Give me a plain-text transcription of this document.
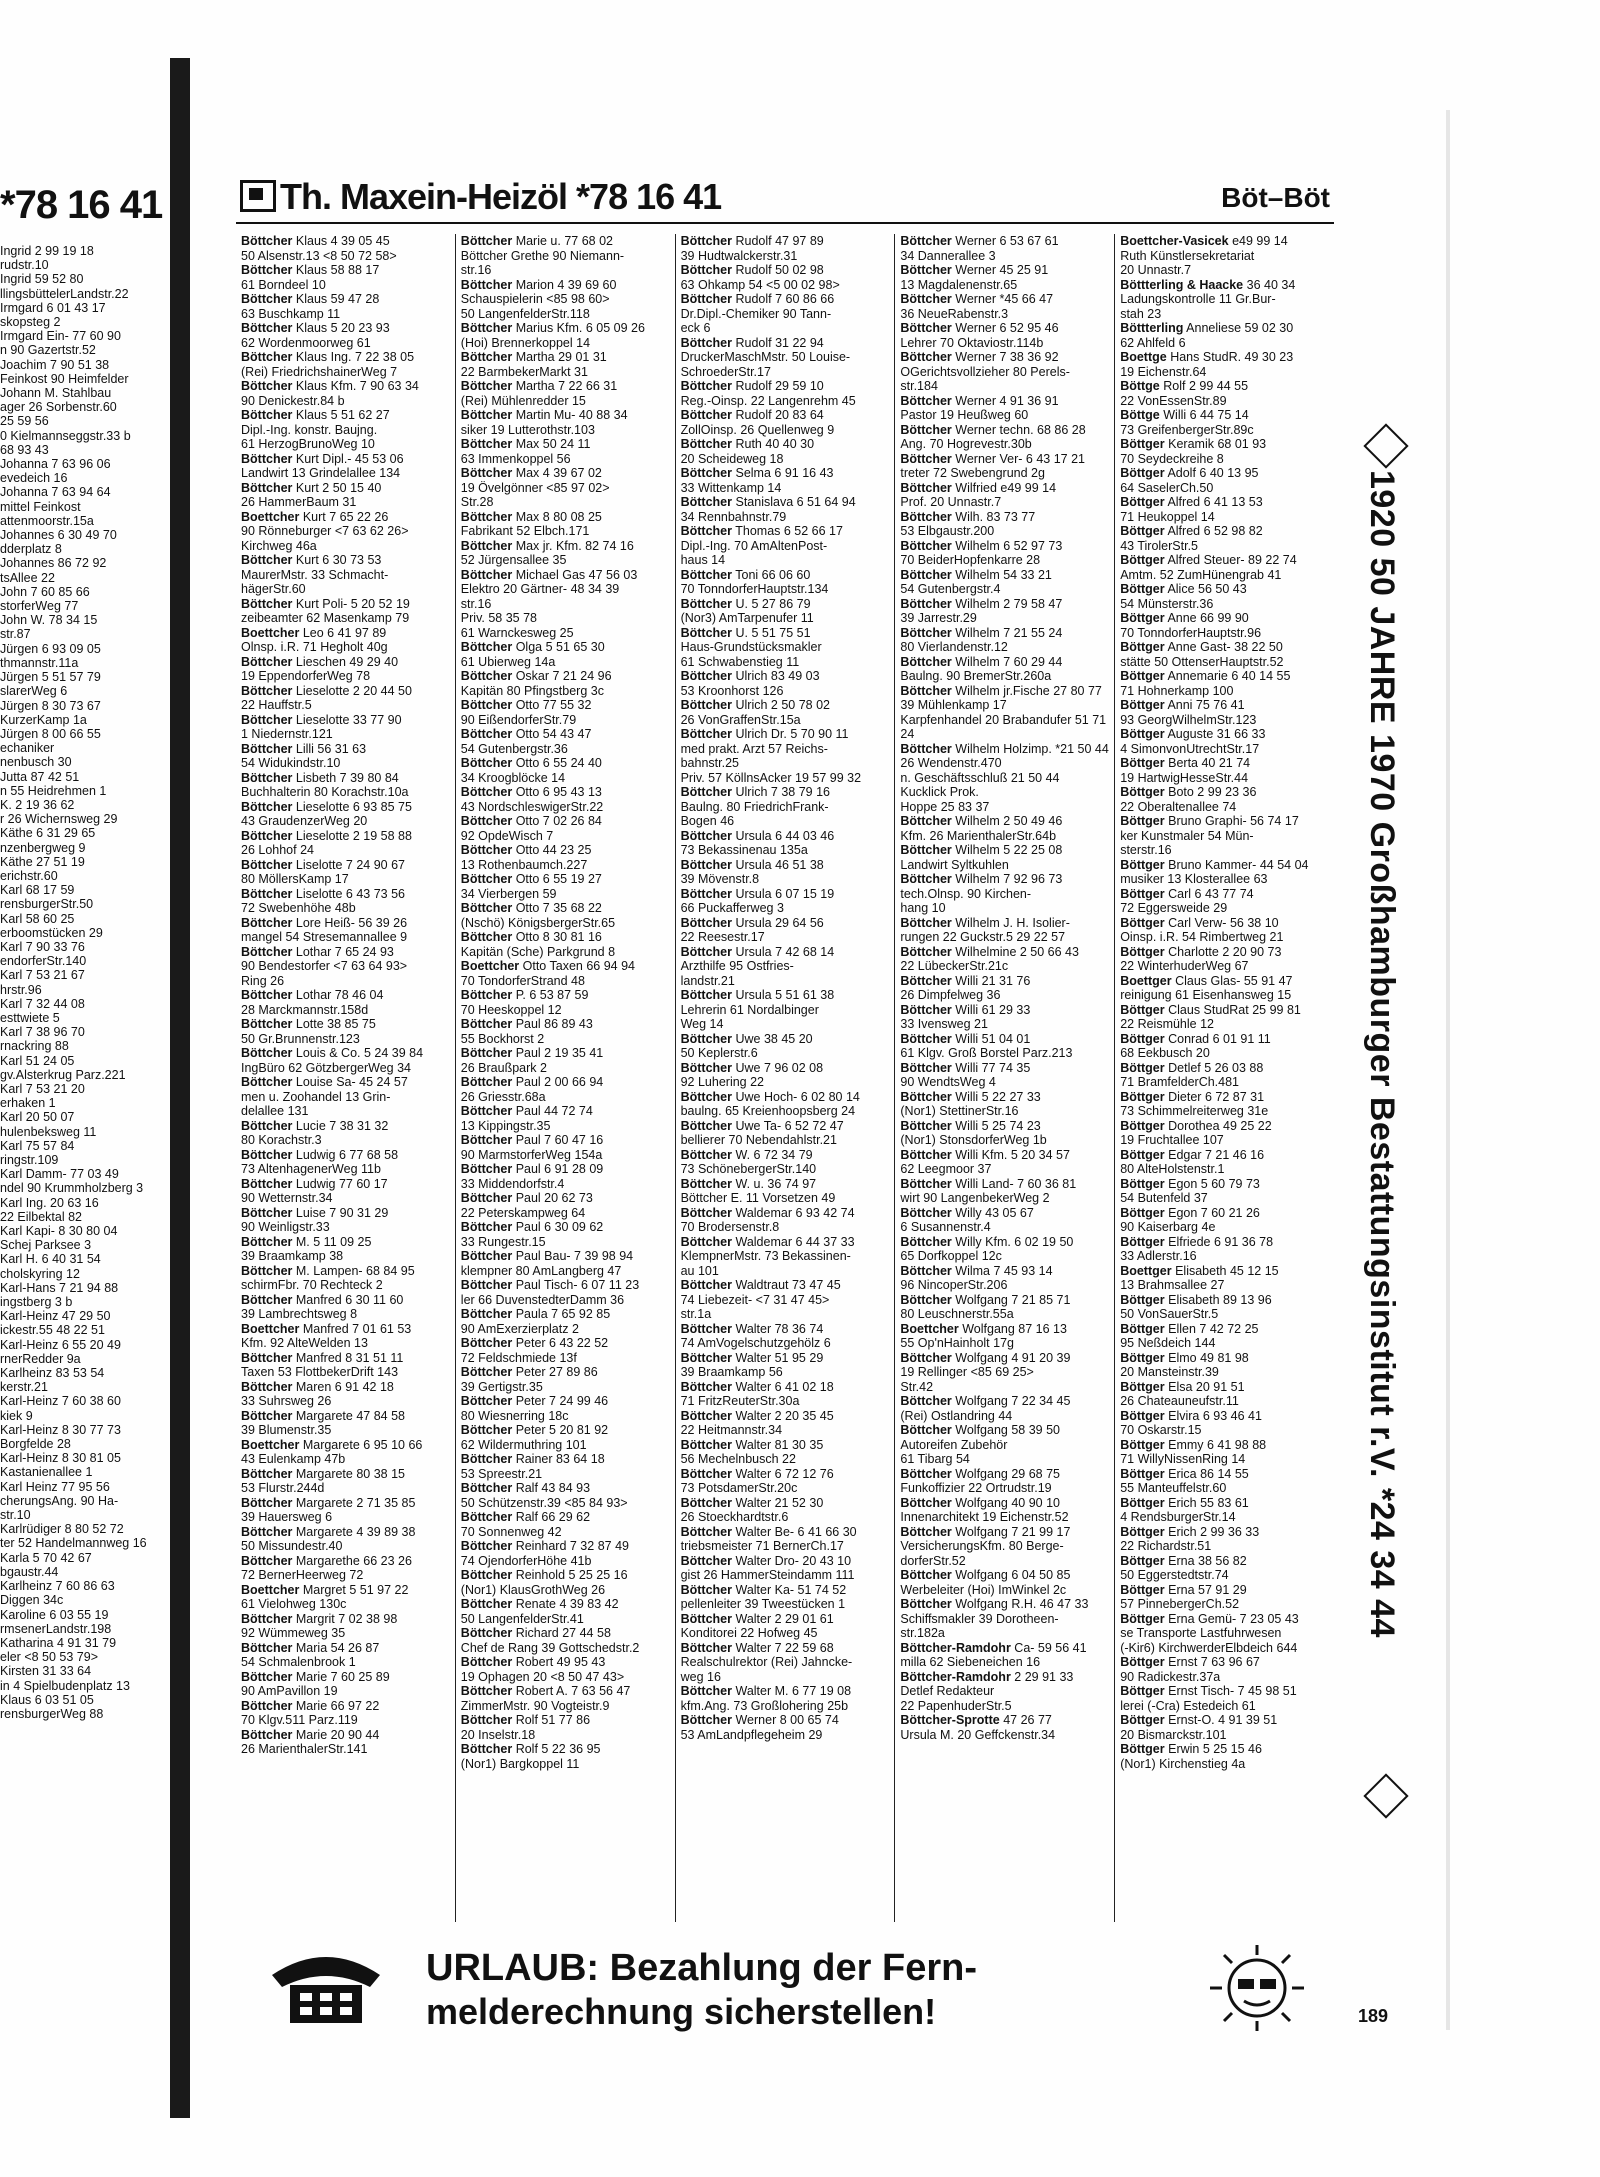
*78 16 41
Ingrid 2 99 19 18
rudstr.10
Ingrid 59 52 80
llingsbüttelerLandstr.22
Irmgard 6 01 43 17
skopsteg 2
Irmgard Ein- 77 60 90
n 90 Gazertstr.52
Joachim 7 90 51 38
Feinkost 90 Heimfelder
Johann M. Stahlbau
ager 26 Sorbenstr.60
25 59 56
0 Kielmannseggstr.33 b
68 93 43
Johanna 7 63 96 06
evedeich 16
Johanna 7 63 94 64
mittel Feinkost
attenmoorstr.15a
Johannes 6 30 49 70
dderplatz 8
Johannes 86 72 92
tsAllee 22
John 7 60 85 66
storferWeg 77
John W. 78 34 15
str.87
Jürgen 6 93 09 05
thmannstr.11a
Jürgen 5 51 57 79
slarerWeg 6
Jürgen 8 30 73 67
KurzerKamp 1a
Jürgen 8 00 66 55
echaniker
nenbusch 30
Jutta 87 42 51
n 55 Heidrehmen 1
K. 2 19 36 62
r 26 Wichernsweg 29
Käthe 6 31 29 65
nzenbergweg 9
Käthe 27 51 19
erichstr.60
Karl 68 17 59
rensburgerStr.50
Karl 58 60 25
erboomstücken 29
Karl 7 90 33 76
endorferStr.140
Karl 7 53 21 67
hrstr.96
Karl 7 32 44 08
esttwiete 5
Karl 7 38 96 70
rnackring 88
Karl 51 24 05
gv.Alsterkrug Parz.221
Karl 7 53 21 20
erhaken 1
Karl 20 50 07
hulenbeksweg 11
Karl 75 57 84
ringstr.109
Karl Damm- 77 03 49
ndel 90 Krummholzberg 3
Karl Ing. 20 63 16
22 Eilbektal 82
Karl Kapi- 8 30 80 04
Schej Parksee 3
Karl H. 6 40 31 54
cholskyring 12
Karl-Hans 7 21 94 88
ingstberg 3 b
Karl-Heinz 47 29 50
ickestr.55 48 22 51
Karl-Heinz 6 55 20 49
rnerRedder 9a
Karlheinz 83 53 54
kerstr.21
Karl-Heinz 7 60 38 60
kiek 9
Karl-Heinz 8 30 77 73
Borgfelde 28
Karl-Heinz 8 30 81 05
Kastanienallee 1
Karl Heinz 77 95 56
cherungsAng. 90 Ha-
str.10
Karlrüdiger 8 80 52 72
ter 52 Handelmannweg 16
Karla 5 70 42 67
bgaustr.44
Karlheinz 7 60 86 63
Diggen 34c
Karoline 6 03 55 19
rmsenerLandstr.198
Katharina 4 91 31 79
eler <8 50 53 79>
Kirsten 31 33 64
in 4 Spielbudenplatz 13
Klaus 6 03 51 05
rensburgerWeg 88
Th. Maxein-Heizöl *78 16 41	Böt–Böt
Böttcher Klaus 4 39 05 45
50 Alsenstr.13 <8 50 72 58>
Böttcher Klaus 58 88 17
61 Borndeel 10
Böttcher Klaus 59 47 28
63 Buschkamp 11
Böttcher Klaus 5 20 23 93
62 Wordenmoorweg 61
Böttcher Klaus Ing. 7 22 38 05
(Rei) FriedrichshainerWeg 7
Böttcher Klaus Kfm. 7 90 63 34
90 Denickestr.84 b
Böttcher Klaus 5 51 62 27
Dipl.-Ing. konstr. Baujng.
61 HerzogBrunoWeg 10
Böttcher Kurt Dipl.- 45 53 06
Landwirt 13 Grindelallee 134
Böttcher Kurt 2 50 15 40
26 HammerBaum 31
Boettcher Kurt 7 65 22 26
90 Rönneburger <7 63 62 26>
Kirchweg 46a
Böttcher Kurt 6 30 73 53
MaurerMstr. 33 Schmacht-
hägerStr.60
Böttcher Kurt Poli- 5 20 52 19
zeibeamter 62 Masenkamp 79
Boettcher Leo 6 41 97 89
Olnsp. i.R. 71 Hegholt 40g
Böttcher Lieschen 49 29 40
19 EppendorferWeg 78
Böttcher Lieselotte 2 20 44 50
22 Hauffstr.5
Böttcher Lieselotte 33 77 90
1 Niedernstr.121
Böttcher Lilli 56 31 63
54 Widukindstr.10
Böttcher Lisbeth 7 39 80 84
Buchhalterin 80 Korachstr.10a
Böttcher Lieselotte 6 93 85 75
43 GraudenzerWeg 20
Böttcher Lieselotte 2 19 58 88
26 Lohhof 24
Böttcher Liselotte 7 24 90 67
80 MöllersKamp 17
Böttcher Liselotte 6 43 73 56
72 Swebenhöhe 48b
Böttcher Lore Heiß- 56 39 26
mangel 54 Stresemannallee 9
Böttcher Lothar 7 65 24 93
90 Bendestorfer <7 63 64 93>
Ring 26
Böttcher Lothar 78 46 04
28 Marckmannstr.158d
Böttcher Lotte 38 85 75
50 Gr.Brunnenstr.123
Böttcher Louis & Co. 5 24 39 84
IngBüro 62 GötzbergerWeg 34
Böttcher Louise Sa- 45 24 57
men u. Zoohandel 13 Grin-
delallee 131
Böttcher Lucie 7 38 31 32
80 Korachstr.3
Böttcher Ludwig 6 77 68 58
73 AltenhagenerWeg 11b
Böttcher Ludwig 77 60 17
90 Wetternstr.34
Böttcher Luise 7 90 31 29
90 Weinligstr.33
Böttcher M. 5 11 09 25
39 Braamkamp 38
Böttcher M. Lampen- 68 84 95
schirmFbr. 70 Rechteck 2
Böttcher Manfred 6 30 11 60
39 Lambrechtsweg 8
Boettcher Manfred 7 01 61 53
Kfm. 92 AlteWelden 13
Böttcher Manfred 8 31 51 11
Taxen 53 FlottbekerDrift 143
Böttcher Maren 6 91 42 18
33 Suhrsweg 26
Böttcher Margarete 47 84 58
39 Blumenstr.35
Boettcher Margarete 6 95 10 66
43 Eulenkamp 47b
Böttcher Margarete 80 38 15
53 Flurstr.244d
Böttcher Margarete 2 71 35 85
39 Hauersweg 6
Böttcher Margarete 4 39 89 38
50 Missundestr.40
Böttcher Margarethe 66 23 26
72 BernerHeerweg 72
Boettcher Margret 5 51 97 22
61 Vielohweg 130c
Böttcher Margrit 7 02 38 98
92 Wümmeweg 35
Böttcher Maria 54 26 87
54 Schmalenbrook 1
Böttcher Marie 7 60 25 89
90 AmPavillon 19
Böttcher Marie 66 97 22
70 Klgv.511 Parz.119
Böttcher Marie 20 90 44
26 MarienthalerStr.141
Böttcher Marie u. 77 68 02
Böttcher Grethe 90 Niemann-
str.16
Böttcher Marion 4 39 69 60
Schauspielerin <85 98 60>
50 LangenfelderStr.118
Böttcher Marius Kfm. 6 05 09 26
(Hoi) Brennerkoppel 14
Böttcher Martha 29 01 31
22 BarmbekerMarkt 31
Böttcher Martha 7 22 66 31
(Rei) Mühlenredder 15
Böttcher Martin Mu- 40 88 34
siker 19 Lutterothstr.103
Böttcher Max 50 24 11
63 Immenkoppel 56
Böttcher Max 4 39 67 02
19 Övelgönner <85 97 02>
Str.28
Böttcher Max 8 80 08 25
Fabrikant 52 Elbch.171
Böttcher Max jr. Kfm. 82 74 16
52 Jürgensallee 35
Böttcher Michael Gas 47 56 03
Elektro 20 Gärtner- 48 34 39
str.16
Priv. 58 35 78
61 Warnckesweg 25
Böttcher Olga 5 51 65 30
61 Ubierweg 14a
Böttcher Oskar 7 21 24 96
Kapitän 80 Pfingstberg 3c
Böttcher Otto 77 55 32
90 EißendorferStr.79
Böttcher Otto 54 43 47
54 Gutenbergstr.36
Böttcher Otto 6 55 24 40
34 Kroogblöcke 14
Böttcher Otto 6 95 43 13
43 NordschleswigerStr.22
Böttcher Otto 7 02 26 84
92 OpdeWisch 7
Böttcher Otto 44 23 25
13 Rothenbaumch.227
Böttcher Otto 6 55 19 27
34 Vierbergen 59
Böttcher Otto 7 35 68 22
(Nschö) KönigsbergerStr.65
Böttcher Otto 8 30 81 16
Kapitän (Sche) Parkgrund 8
Boettcher Otto Taxen 66 94 94
70 TondorferStrand 48
Böttcher P. 6 53 87 59
70 Heeskoppel 12
Böttcher Paul 86 89 43
55 Bockhorst 2
Böttcher Paul 2 19 35 41
26 Braußpark 2
Böttcher Paul 2 00 66 94
26 Griesstr.68a
Böttcher Paul 44 72 74
13 Kippingstr.35
Böttcher Paul 7 60 47 16
90 MarmstorferWeg 154a
Böttcher Paul 6 91 28 09
33 Middendorfstr.4
Böttcher Paul 20 62 73
22 Peterskampweg 64
Böttcher Paul 6 30 09 62
33 Rungestr.15
Böttcher Paul Bau- 7 39 98 94
klempner 80 AmLangberg 47
Böttcher Paul Tisch- 6 07 11 23
ler 66 DuvenstedterDamm 36
Böttcher Paula 7 65 92 85
90 AmExerzierplatz 2
Böttcher Peter 6 43 22 52
72 Feldschmiede 13f
Böttcher Peter 27 89 86
39 Gertigstr.35
Böttcher Peter 7 24 99 46
80 Wiesnerring 18c
Böttcher Peter 5 20 81 92
62 Wildermuthring 101
Böttcher Rainer 83 64 18
53 Spreestr.21
Böttcher Ralf 43 84 93
50 Schützenstr.39 <85 84 93>
Böttcher Ralf 66 29 62
70 Sonnenweg 42
Böttcher Reinhard 7 32 87 49
74 OjendorferHöhe 41b
Böttcher Reinhold 5 25 25 16
(Nor1) KlausGrothWeg 26
Böttcher Renate 4 39 83 42
50 LangenfelderStr.41
Böttcher Richard 27 44 58
Chef de Rang 39 Gottschedstr.2
Böttcher Robert 49 95 43
19 Ophagen 20 <8 50 47 43>
Böttcher Robert A. 7 63 56 47
ZimmerMstr. 90 Vogteistr.9
Böttcher Rolf 51 77 86
20 Inselstr.18
Böttcher Rolf 5 22 36 95
(Nor1) Bargkoppel 11
Böttcher Rudolf 47 97 89
39 Hudtwalckerstr.31
Böttcher Rudolf 50 02 98
63 Ohkamp 54 <5 00 02 98>
Böttcher Rudolf 7 60 86 66
Dr.Dipl.-Chemiker 90 Tann-
eck 6
Böttcher Rudolf 31 22 94
DruckerMaschMstr. 50 Louise-
SchroederStr.17
Böttcher Rudolf 29 59 10
Reg.-Oinsp. 22 Langenrehm 45
Böttcher Rudolf 20 83 64
ZollOinsp. 26 Quellenweg 9
Böttcher Ruth 40 40 30
20 Scheideweg 18
Böttcher Selma 6 91 16 43
33 Wittenkamp 14
Böttcher Stanislava 6 51 64 94
34 Rennbahnstr.79
Böttcher Thomas 6 52 66 17
Dipl.-Ing. 70 AmAltenPost-
haus 14
Böttcher Toni 66 06 60
70 TonndorferHauptstr.134
Böttcher U. 5 27 86 79
(Nor3) AmTarpenufer 11
Böttcher U. 5 51 75 51
Haus-Grundstücksmakler
61 Schwabenstieg 11
Böttcher Ulrich 83 49 03
53 Kroonhorst 126
Böttcher Ulrich 2 50 78 02
26 VonGraffenStr.15a
Böttcher Ulrich Dr. 5 70 90 11
med prakt. Arzt 57 Reichs-
bahnstr.25
Priv. 57 KöllnsAcker 19 57 99 32
Böttcher Ulrich 7 38 79 16
Baulng. 80 FriedrichFrank-
Bogen 46
Böttcher Ursula 6 44 03 46
73 Bekassinenau 135a
Böttcher Ursula 46 51 38
39 Mövenstr.8
Böttcher Ursula 6 07 15 19
66 Puckafferweg 3
Böttcher Ursula 29 64 56
22 Reesestr.17
Böttcher Ursula 7 42 68 14
Arzthilfe 95 Ostfries-
landstr.21
Böttcher Ursula 5 51 61 38
Lehrerin 61 Nordalbinger
Weg 14
Böttcher Uwe 38 45 20
50 Keplerstr.6
Böttcher Uwe 7 96 02 08
92 Luhering 22
Böttcher Uwe Hoch- 6 02 80 14
baulng. 65 Kreienhoopsberg 24
Böttcher Uwe Ta- 6 52 72 47
bellierer 70 Nebendahlstr.21
Böttcher W. 6 72 34 79
73 SchönebergerStr.140
Böttcher W. u. 36 74 97
Böttcher E. 11 Vorsetzen 49
Böttcher Waldemar 6 93 42 74
70 Brodersenstr.8
Böttcher Waldemar 6 44 37 33
KlempnerMstr. 73 Bekassinen-
au 101
Böttcher Waldtraut 73 47 45
74 Liebezeit- <7 31 47 45>
str.1a
Böttcher Walter 78 36 74
74 AmVogelschutzgehölz 6
Böttcher Walter 51 95 29
39 Braamkamp 56
Böttcher Walter 6 41 02 18
71 FritzReuterStr.30a
Böttcher Walter 2 20 35 45
22 Heitmannstr.34
Böttcher Walter 81 30 35
56 Mechelnbusch 22
Böttcher Walter 6 72 12 76
73 PotsdamerStr.20c
Böttcher Walter 21 52 30
26 Stoeckhardtstr.6
Böttcher Walter Be- 6 41 66 30
triebsmeister 71 BernerCh.17
Böttcher Walter Dro- 20 43 10
gist 26 HammerSteindamm 111
Böttcher Walter Ka- 51 74 52
pellenleiter 39 Tweestücken 1
Böttcher Walter 2 29 01 61
Konditorei 22 Hofweg 45
Böttcher Walter 7 22 59 68
Realschulrektor (Rei) Jahncke-
weg 16
Böttcher Walter M. 6 77 19 08
kfm.Ang. 73 Großlohering 25b
Böttcher Werner 8 00 65 74
53 AmLandpflegeheim 29
Böttcher Werner 6 53 67 61
34 Dannerallee 3
Böttcher Werner 45 25 91
13 Magdalenenstr.65
Böttcher Werner *45 66 47
36 NeueRabenstr.3
Böttcher Werner 6 52 95 46
Lehrer 70 Oktaviostr.114b
Böttcher Werner 7 38 36 92
OGerichtsvollzieher 80 Perels-
str.184
Böttcher Werner 4 91 36 91
Pastor 19 Heußweg 60
Böttcher Werner techn. 68 86 28
Ang. 70 Hogrevestr.30b
Böttcher Werner Ver- 6 43 17 21
treter 72 Swebengrund 2g
Böttcher Wilfried e49 99 14
Prof. 20 Unnastr.7
Böttcher Wilh. 83 73 77
53 Elbgaustr.200
Böttcher Wilhelm 6 52 97 73
70 BeiderHopfenkarre 28
Böttcher Wilhelm 54 33 21
54 Gutenbergstr.4
Böttcher Wilhelm 2 79 58 47
39 Jarrestr.29
Böttcher Wilhelm 7 21 55 24
80 Vierlandenstr.12
Böttcher Wilhelm 7 60 29 44
Baulng. 90 BremerStr.260a
Böttcher Wilhelm jr.Fische 27 80 77
39 Mühlenkamp 17
Karpfenhandel 20 Brabandufer 51 71 24
Böttcher Wilhelm Holzimp. *21 50 44
26 Wendenstr.470
n. Geschäftsschluß 21 50 44
Kucklick Prok.
Hoppe 25 83 37
Böttcher Wilhelm 2 50 49 46
Kfm. 26 MarienthalerStr.64b
Böttcher Wilhelm 5 22 25 08
Landwirt Syltkuhlen
Böttcher Wilhelm 7 92 96 73
tech.Olnsp. 90 Kirchen-
hang 10
Böttcher Wilhelm J. H. Isolier-
rungen 22 Guckstr.5 29 22 57
Böttcher Wilhelmine 2 50 66 43
22 LübeckerStr.21c
Böttcher Willi 21 31 76
26 Dimpfelweg 36
Böttcher Willi 61 29 33
33 Ivensweg 21
Böttcher Willi 51 04 01
61 Klgv. Groß Borstel Parz.213
Böttcher Willi 77 74 35
90 WendtsWeg 4
Böttcher Willi 5 22 27 33
(Nor1) StettinerStr.16
Böttcher Willi 5 25 74 23
(Nor1) StonsdorferWeg 1b
Böttcher Willi Kfm. 5 20 34 57
62 Leegmoor 37
Böttcher Willi Land- 7 60 36 81
wirt 90 LangenbekerWeg 2
Böttcher Willy 43 05 67
6 Susannenstr.4
Böttcher Willy Kfm. 6 02 19 50
65 Dorfkoppel 12c
Böttcher Wilma 7 45 93 14
96 NincoperStr.206
Böttcher Wolfgang 7 21 85 71
80 Leuschnerstr.55a
Boettcher Wolfgang 87 16 13
55 Op'nHainholt 17g
Böttcher Wolfgang 4 91 20 39
19 Rellinger <85 69 25>
Str.42
Böttcher Wolfgang 7 22 34 45
(Rei) Ostlandring 44
Böttcher Wolfgang 58 39 50
Autoreifen Zubehör
61 Tibarg 54
Böttcher Wolfgang 29 68 75
Funkoffizier 22 Ortrudstr.19
Böttcher Wolfgang 40 90 10
Innenarchitekt 19 Eichenstr.52
Böttcher Wolfgang 7 21 99 17
VersicherungsKfm. 80 Berge-
dorferStr.52
Böttcher Wolfgang 6 04 50 85
Werbeleiter (Hoi) ImWinkel 2c
Böttcher Wolfgang R.H. 46 47 33
Schiffsmakler 39 Dorotheen-
str.182a
Böttcher-Ramdohr Ca- 59 56 41
milla 62 Siebeneichen 16
Böttcher-Ramdohr 2 29 91 33
Detlef Redakteur
22 PapenhuderStr.5
Böttcher-Sprotte 47 26 77
Ursula M. 20 Geffckenstr.34
Boettcher-Vasicek e49 99 14
Ruth Künstlersekretariat
20 Unnastr.7
Böttterling & Haacke 36 40 34
Ladungskontrolle 11 Gr.Bur-
stah 23
Böttterling Anneliese 59 02 30
62 Ahlfeld 6
Boettge Hans StudR. 49 30 23
19 Eichenstr.64
Böttge Rolf 2 99 44 55
22 VonEssenStr.89
Böttge Willi 6 44 75 14
73 GreifenbergerStr.89c
Böttger Keramik 68 01 93
70 Seydeckreihe 8
Böttger Adolf 6 40 13 95
64 SaselerCh.50
Böttger Alfred 6 41 13 53
71 Heukoppel 14
Böttger Alfred 6 52 98 82
43 TirolerStr.5
Böttger Alfred Steuer- 89 22 74
Amtm. 52 ZumHünengrab 41
Böttger Alice 56 50 43
54 Münsterstr.36
Böttger Anne 66 99 90
70 TonndorferHauptstr.96
Böttger Anne Gast- 38 22 50
stätte 50 OttenserHauptstr.52
Böttger Annemarie 6 40 14 55
71 Hohnerkamp 100
Böttger Anni 75 76 41
93 GeorgWilhelmStr.123
Böttger Auguste 31 66 33
4 SimonvonUtrechtStr.17
Böttger Berta 40 21 74
19 HartwigHesseStr.44
Böttger Boto 2 99 23 36
22 Oberaltenallee 74
Böttger Bruno Graphi- 56 74 17
ker Kunstmaler 54 Mün-
sterstr.16
Böttger Bruno Kammer- 44 54 04
musiker 13 Klosterallee 63
Böttger Carl 6 43 77 74
72 Eggersweide 29
Böttger Carl Verw- 56 38 10
Oinsp. i.R. 54 Rimbertweg 21
Böttger Charlotte 2 20 90 73
22 WinterhuderWeg 67
Boettger Claus Glas- 55 91 47
reinigung 61 Eisenhansweg 15
Böttger Claus StudRat 25 99 81
22 Reismühle 12
Böttger Conrad 6 01 91 11
68 Eekbusch 20
Böttger Detlef 5 26 03 88
71 BramfelderCh.481
Böttger Dieter 6 72 87 31
73 Schimmelreiterweg 31e
Böttger Dorothea 49 25 22
19 Fruchtallee 107
Böttger Edgar 7 21 46 16
80 AlteHolstenstr.1
Böttger Egon 5 60 79 73
54 Butenfeld 37
Böttger Egon 7 60 21 26
90 Kaiserbarg 4e
Böttger Elfriede 6 91 36 78
33 Adlerstr.16
Boettger Elisabeth 45 12 15
13 Brahmsallee 27
Böttger Elisabeth 89 13 96
50 VonSauerStr.5
Böttger Ellen 7 42 72 25
95 Neßdeich 144
Böttger Elmo 49 81 98
20 Mansteinstr.39
Böttger Elsa 20 91 51
26 Chateauneufstr.11
Böttger Elvira 6 93 46 41
70 Oskarstr.15
Böttger Emmy 6 41 98 88
71 WillyNissenRing 14
Böttger Erica 86 14 55
55 Manteuffelstr.60
Böttger Erich 55 83 61
4 RendsburgerStr.14
Böttger Erich 2 99 36 33
22 Richardstr.51
Böttger Erna 38 56 82
50 Eggerstedtstr.74
Böttger Erna 57 91 29
57 PinnebergerCh.52
Böttger Erna Gemü- 7 23 05 43
se Transporte Lastfuhrwesen
(-Kir6) KirchwerderElbdeich 644
Böttger Ernst 7 63 96 67
90 Radickestr.37a
Böttger Ernst Tisch- 7 45 98 51
lerei (-Cra) Estedeich 61
Böttger Ernst-O. 4 91 39 51
20 Bismarckstr.101
Böttger Erwin 5 25 15 46
(Nor1) Kirchenstieg 4a
1920 50 JAHRE 1970 Großhamburger Bestattungsinstitut r.V. *24 34 44
URLAUB: Bezahlung der Fern-
melderechnung sicherstellen!	189
